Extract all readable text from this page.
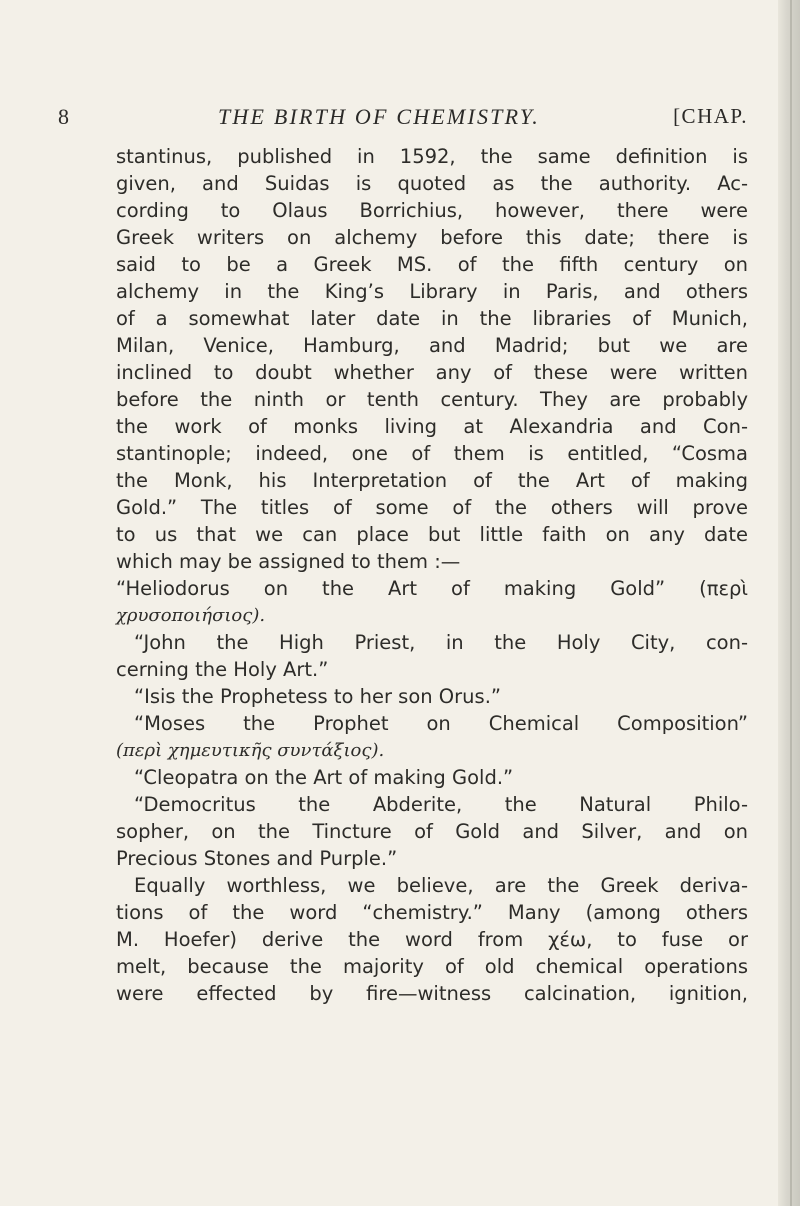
8	THE BIRTH OF CHEMISTRY.	[CHAP.
stantinus, published in 1592, the same definition is
given, and Suidas is quoted as the authority. Ac-
cording to Olaus Borrichius, however, there were
Greek writers on alchemy before this date; there is
said to be a Greek MS. of the fifth century on
alchemy in the King’s Library in Paris, and others
of a somewhat later date in the libraries of Munich,
Milan, Venice, Hamburg, and Madrid; but we are
inclined to doubt whether any of these were written
before the ninth or tenth century. They are probably
the work of monks living at Alexandria and Con-
stantinople; indeed, one of them is entitled, “Cosma
the Monk, his Interpretation of the Art of making
Gold.” The titles of some of the others will prove
to us that we can place but little faith on any date
which may be assigned to them :—
“Heliodorus on the Art of making Gold” (περὶ
χρυσοποιήσιος).
“John the High Priest, in the Holy City, con-
cerning the Holy Art.”
“Isis the Prophetess to her son Orus.”
“Moses the Prophet on Chemical Composition”
(περὶ χημευτικῆς συντάξιος).
“Cleopatra on the Art of making Gold.”
“Democritus the Abderite, the Natural Philo-
sopher, on the Tincture of Gold and Silver, and on
Precious Stones and Purple.”
Equally worthless, we believe, are the Greek deriva-
tions of the word “chemistry.” Many (among others
M. Hoefer) derive the word from χέω, to fuse or
melt, because the majority of old chemical operations
were effected by fire—witness calcination, ignition,
